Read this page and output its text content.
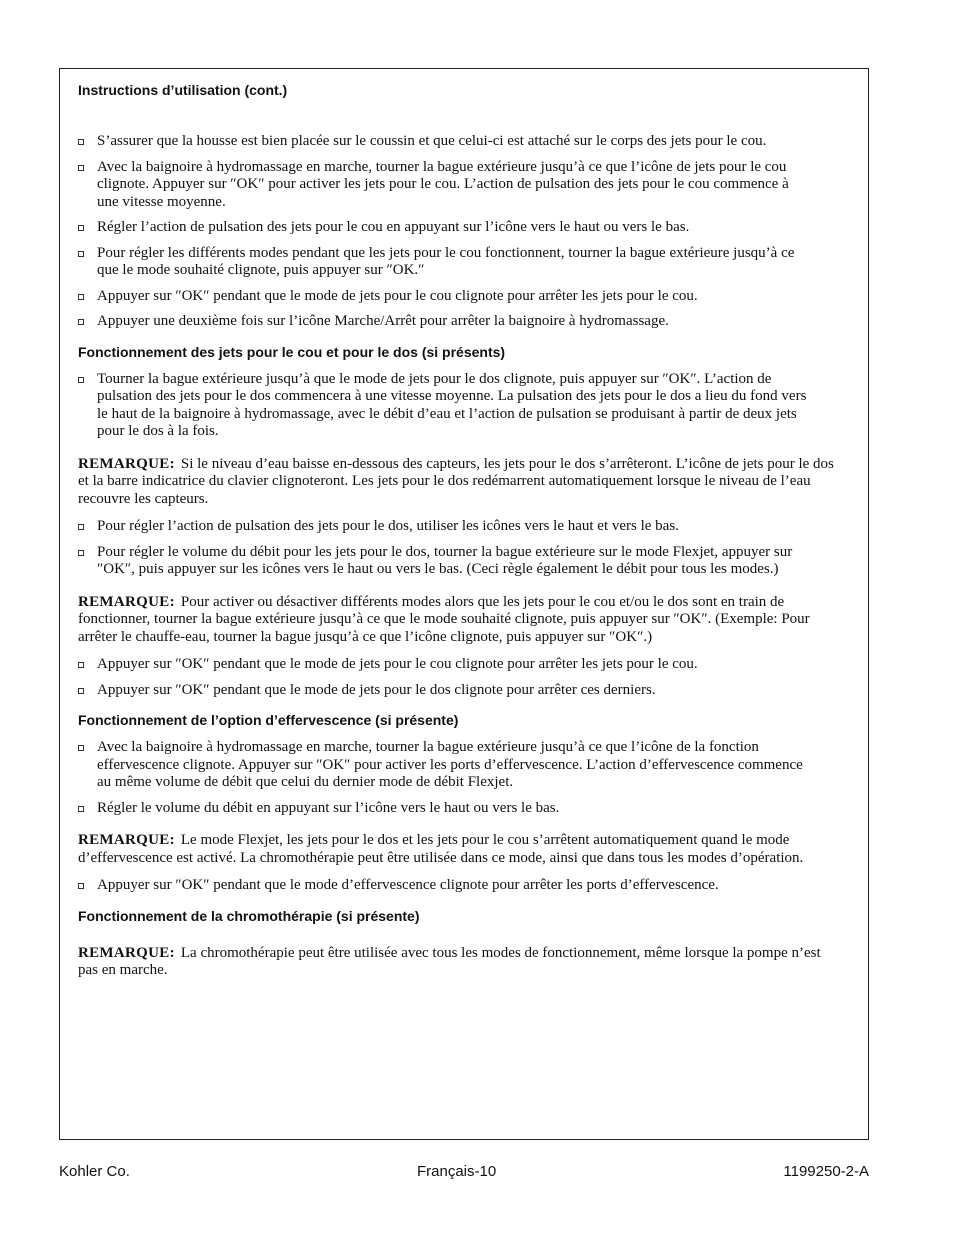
Instructions d’utilisation (cont.)
S’assurer que la housse est bien placée sur le coussin et que celui-ci est attaché sur le corps des jets pour le cou.
Avec la baignoire à hydromassage en marche, tourner la bague extérieure jusqu’à ce que l’icône de jets pour le cou clignote. Appuyer sur ″OK″ pour activer les jets pour le cou. L’action de pulsation des jets pour le cou commence à une vitesse moyenne.
Régler l’action de pulsation des jets pour le cou en appuyant sur l’icône vers le haut ou vers le bas.
Pour régler les différents modes pendant que les jets pour le cou fonctionnent, tourner la bague extérieure jusqu’à ce que le mode souhaité clignote, puis appuyer sur ″OK.″
Appuyer sur ″OK″ pendant que le mode de jets pour le cou clignote pour arrêter les jets pour le cou.
Appuyer une deuxième fois sur l’icône Marche/Arrêt pour arrêter la baignoire à hydromassage.
Fonctionnement des jets pour le cou et pour le dos (si présents)
Tourner la bague extérieure jusqu’à que le mode de jets pour le dos clignote, puis appuyer sur ″OK″. L’action de pulsation des jets pour le dos commencera à une vitesse moyenne. La pulsation des jets pour le dos a lieu du fond vers le haut de la baignoire à hydromassage, avec le débit d’eau et l’action de pulsation se produisant à partir de deux jets pour le dos à la fois.

REMARQUE: Si le niveau d’eau baisse en-dessous des capteurs, les jets pour le dos s’arrêteront. L’icône de jets pour le dos et la barre indicatrice du clavier clignoteront. Les jets pour le dos redémarrent automatiquement lorsque le niveau de l’eau recouvre les capteurs.

Pour régler l’action de pulsation des jets pour le dos, utiliser les icônes vers le haut et vers le bas.
Pour régler le volume du débit pour les jets pour le dos, tourner la bague extérieure sur le mode Flexjet, appuyer sur ″OK″, puis appuyer sur les icônes vers le haut ou vers le bas. (Ceci règle également le débit pour tous les modes.)

REMARQUE: Pour activer ou désactiver différents modes alors que les jets pour le cou et/ou le dos sont en train de fonctionner, tourner la bague extérieure jusqu’à ce que le mode souhaité clignote, puis appuyer sur ″OK″. (Exemple: Pour arrêter le chauffe-eau, tourner la bague jusqu’à ce que l’icône clignote, puis appuyer sur ″OK″.)

Appuyer sur ″OK″ pendant que le mode de jets pour le cou clignote pour arrêter les jets pour le cou.
Appuyer sur ″OK″ pendant que le mode de jets pour le dos clignote pour arrêter ces derniers.
Fonctionnement de l’option d’effervescence (si présente)
Avec la baignoire à hydromassage en marche, tourner la bague extérieure jusqu’à ce que l’icône de la fonction effervescence clignote. Appuyer sur ″OK″ pour activer les ports d’effervescence. L’action d’effervescence commence au même volume de débit que celui du dernier mode de débit Flexjet.
Régler le volume du débit en appuyant sur l’icône vers le haut ou vers le bas.

REMARQUE: Le mode Flexjet, les jets pour le dos et les jets pour le cou s’arrêtent automatiquement quand le mode d’effervescence est activé. La chromothérapie peut être utilisée dans ce mode, ainsi que dans tous les modes d’opération.

Appuyer sur ″OK″ pendant que le mode d’effervescence clignote pour arrêter les ports d’effervescence.
Fonctionnement de la chromothérapie (si présente)

REMARQUE: La chromothérapie peut être utilisée avec tous les modes de fonctionnement, même lorsque la pompe n’est pas en marche.

Kohler Co.	Français-10	1199250-2-A
